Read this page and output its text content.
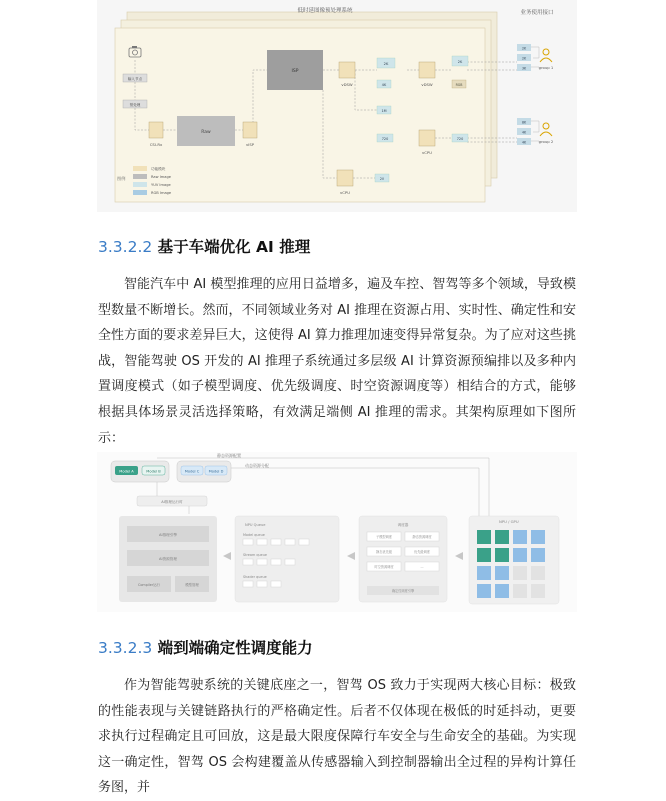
低时延图像预处理系统	业务使用接口
输入节点
预处理
CSI-Rx
Raw
vISP
ISP
vDSW
2K
4K
1M
720
vDSW
vCPU
2K
RGB
720
vCPU
2V
2K
2K
3K
8K
4K
4K
group 1
group 2
图例
功能模块
Raw Image
YUV Image
RGB Image
3.3.2.2 基于车端优化 AI 推理

智能汽车中 AI 模型推理的应用日益增多，遍及车控、智驾等多个领域，导致模型数量不断增长。然而，不同领域业务对 AI 推理在资源占用、实时性、确定性和安全性方面的要求差异巨大，这使得 AI 算力推理加速变得异常复杂。为了应对这些挑战，智能驾驶 OS 开发的 AI 推理子系统通过多层级 AI 计算资源预编排以及多种内置调度模式（如子模型调度、优先级调度、时空资源调度等）相结合的方式，能够根据具体场景灵活选择策略，有效满足端侧 AI 推理的需求。其架构原理如下图所示：

静态资源配置
动态资源分配
Model A	Model B	Model C	Model D
AI推理运行时
AI推理引擎
AI资源管理
Compiler运行	模型管理
NPU Queue
Model queue
Stream queue
Shader queue
调度器
子模型调度	静态资源调度
静态优先级	优先级调度
时空资源调度	...
确定性调度引擎
NPU / GPU
3.3.2.3 端到端确定性调度能力

作为智能驾驶系统的关键底座之一，智驾 OS 致力于实现两大核心目标：极致的性能表现与关键链路执行的严格确定性。后者不仅体现在极低的时延抖动，更要求执行过程确定且可回放，这是最大限度保障行车安全与生命安全的基础。为实现这一确定性，智驾 OS 会构建覆盖从传感器输入到控制器输出全过程的异构计算任务图，并
